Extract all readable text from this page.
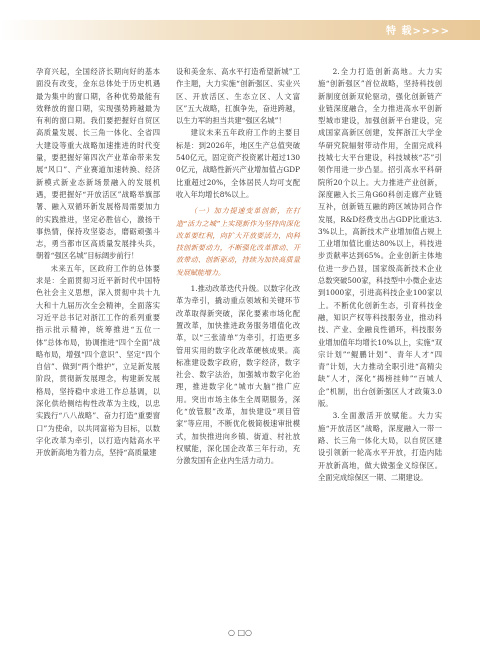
特 载>>>>

孕育兴起，全国经济长期向好的基本面没有改变，金东总体处于历史机遇最为集中的窗口期，各种优势最能有效释放的窗口期，实现强势跨越最为有利的窗口期。我们要把握好自贸区高质量发展、长三角一体化、全省四大建设等重大战略加速推进的时代变量，要把握好第四次产业革命带来发展“风口”、产业赛道加速转换、经济新模式新业态新场景融入的发展机遇，要把握好“开放活区”战略举旗部署、融入双循环新发展格局需要加力的实践推进，坚定必胜信心，激扬干事热情，保持攻坚姿态，磨砺顽强斗志，勇当都市区高质量发展排头兵，朝着“强区名城”目标阔步前行！

未来五年，区政府工作的总体要求是：全面贯彻习近平新时代中国特色社会主义思想，深入贯彻中共十九大和十九届历次全会精神，全面落实习近平总书记对浙江工作的系列重要指示批示精神，统筹推进“五位一体”总体布局，协调推进“四个全面”战略布局，增强“四个意识”、坚定“四个自信”、做到“两个维护”，立足新发展阶段，贯彻新发展理念，构建新发展格局，坚持稳中求进工作总基调，以深化供给侧结构性改革为主线，以忠实践行“八八战略”、奋力打造“重要窗口”为使命，以共同富裕为目标，以数字化改革为牵引，以打造内陆高水平开放新高地为着力点，坚持“高质量建

设和美金东、高水平打造希望新城”工作主题，大力实施“创新强区、实业兴区、开放活区、生态立区、人文富区”五大战略，扛旗争先，奋进跨越，以生力军的担当共建“强区名城”！

建议未来五年政府工作的主要目标是：到2026年，地区生产总值突破540亿元，固定资产投资累计超过1300亿元，战略性新兴产业增加值占GDP比重超过20%，全体居民人均可支配收入年均增长8%以上。

（一）加力提速变革创新，在打造“活力之城”上实现新作为坚持向深化改革要红利，向扩大开放要活力，向科技创新要动力，不断强化改革推动、开放带动、创新驱动，持续为加快高质量发展赋能增力。

1.推动改革迭代升级。以数字化改革为牵引，撬动重点领域和关键环节改革取得新突破，深化要素市场化配置改革，加快推进政务服务增值化改革，以“三张清单”为牵引，打造更多管用实用的数字化改革硬核成果。高标准建设数字政府，数字经济，数字社会、数字法治，加强城市数字化治理，推进数字化“城市大脑”推广应用。突出市场主体生全周期服务，深化“放管服”改革，加快建设“项目管家”等应用，不断优化极简极速审批模式，加快推进向乡镇、街道、村社放权赋能，深化国企改革三年行动，充分激发国有企业内生活力动力。

2.全力打造创新高地。大力实施“创新强区”首位战略，坚持科技创新制度创新双轮驱动，强化创新链产业链深度融合，全力推进高水平创新型城市建设，加强创新平台建设，完成国家高新区创建，发挥浙江大学金华研究院辐射带动作用，全面完成科技城七大平台建设，科技城核“芯”引领作用进一步凸显。招引高水平科研院所20个以上。大力推进产业创新，深度融入长三角G60科创走廊产业链互补，创新链互融的跨区域协同合作发展，R&D经费支出占GDP比重达3.3%以上，高新技术产业增加值占规上工业增加值比重达80%以上，科技进步贡献率达到65%。企业创新主体地位进一步凸显，国家级高新技术企业总数突破500家，科技型中小微企业达到1000家，引进高科技企业100家以上。不断优化创新生态，引育科技金融，知识产权等科技服务业，推动科技、产业、金融良性循环，科技服务业增加值年均增长10%以上，实施“双宗计划”“鲲鹏计划”、青年人才“四青”计划，大力推动全职引进“高精尖缺”人才，深化“揭榜挂帅”“百城人企”机制，出台创新强区人才政策3.0版。

3.全面激活开放赋能。大力实施“开放活区”战略，深度融入一带一路、长三角一体化大局，以自贸区建设引领新一轮高水平开放，打造内陆开放新高地，做大做强金义综保区。全面完成综保区一期、二期建设。

○ □○
